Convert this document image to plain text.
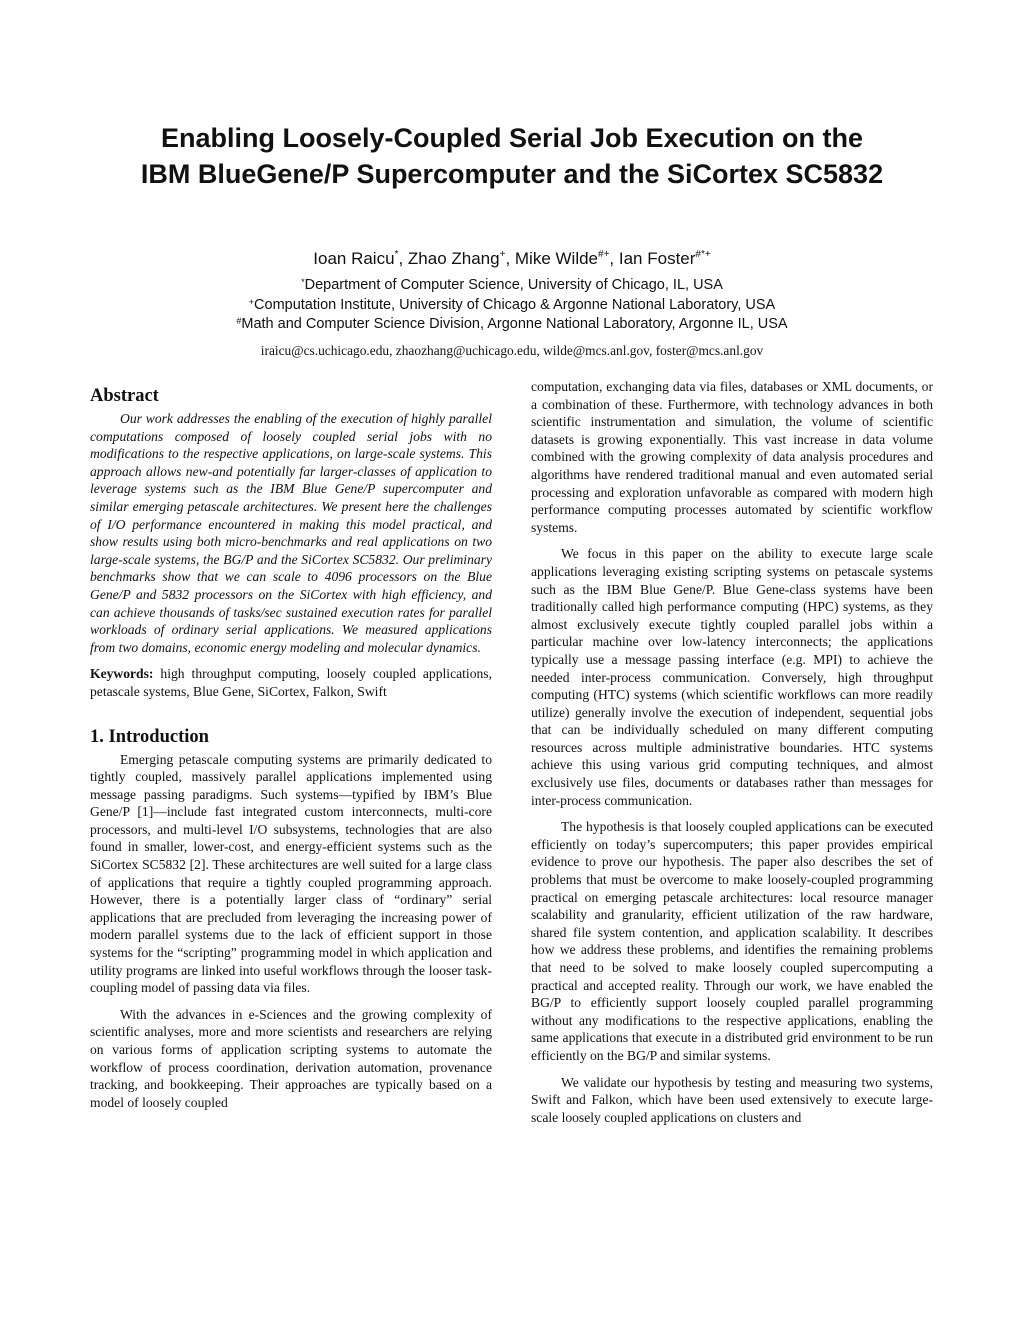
Enabling Loosely-Coupled Serial Job Execution on the
IBM BlueGene/P Supercomputer and the SiCortex SC5832
Ioan Raicu*, Zhao Zhang+, Mike Wilde#+, Ian Foster#*+
*Department of Computer Science, University of Chicago, IL, USA
+Computation Institute, University of Chicago & Argonne National Laboratory, USA
#Math and Computer Science Division, Argonne National Laboratory, Argonne IL, USA
iraicu@cs.uchicago.edu, zhaozhang@uchicago.edu, wilde@mcs.anl.gov, foster@mcs.anl.gov
Abstract

Our work addresses the enabling of the execution of highly parallel computations composed of loosely coupled serial jobs with no modifications to the respective applications, on large-scale systems. This approach allows new-and potentially far larger-classes of application to leverage systems such as the IBM Blue Gene/P supercomputer and similar emerging petascale architectures. We present here the challenges of I/O performance encountered in making this model practical, and show results using both micro-benchmarks and real applications on two large-scale systems, the BG/P and the SiCortex SC5832. Our preliminary benchmarks show that we can scale to 4096 processors on the Blue Gene/P and 5832 processors on the SiCortex with high efficiency, and can achieve thousands of tasks/sec sustained execution rates for parallel workloads of ordinary serial applications. We measured applications from two domains, economic energy modeling and molecular dynamics.

Keywords: high throughput computing, loosely coupled applications, petascale systems, Blue Gene, SiCortex, Falkon, Swift

1. Introduction

Emerging petascale computing systems are primarily dedicated to tightly coupled, massively parallel applications implemented using message passing paradigms. Such systems—typified by IBM’s Blue Gene/P [1]—include fast integrated custom interconnects, multi-core processors, and multi-level I/O subsystems, technologies that are also found in smaller, lower-cost, and energy-efficient systems such as the SiCortex SC5832 [2]. These architectures are well suited for a large class of applications that require a tightly coupled programming approach. However, there is a potentially larger class of “ordinary” serial applications that are precluded from leveraging the increasing power of modern parallel systems due to the lack of efficient support in those systems for the “scripting” programming model in which application and utility programs are linked into useful workflows through the looser task-coupling model of passing data via files.

With the advances in e-Sciences and the growing complexity of scientific analyses, more and more scientists and researchers are relying on various forms of application scripting systems to automate the workflow of process coordination, derivation automation, provenance tracking, and bookkeeping. Their approaches are typically based on a model of loosely coupled

computation, exchanging data via files, databases or XML documents, or a combination of these. Furthermore, with technology advances in both scientific instrumentation and simulation, the volume of scientific datasets is growing exponentially. This vast increase in data volume combined with the growing complexity of data analysis procedures and algorithms have rendered traditional manual and even automated serial processing and exploration unfavorable as compared with modern high performance computing processes automated by scientific workflow systems.

We focus in this paper on the ability to execute large scale applications leveraging existing scripting systems on petascale systems such as the IBM Blue Gene/P. Blue Gene-class systems have been traditionally called high performance computing (HPC) systems, as they almost exclusively execute tightly coupled parallel jobs within a particular machine over low-latency interconnects; the applications typically use a message passing interface (e.g. MPI) to achieve the needed inter-process communication. Conversely, high throughput computing (HTC) systems (which scientific workflows can more readily utilize) generally involve the execution of independent, sequential jobs that can be individually scheduled on many different computing resources across multiple administrative boundaries. HTC systems achieve this using various grid computing techniques, and almost exclusively use files, documents or databases rather than messages for inter-process communication.

The hypothesis is that loosely coupled applications can be executed efficiently on today’s supercomputers; this paper provides empirical evidence to prove our hypothesis. The paper also describes the set of problems that must be overcome to make loosely-coupled programming practical on emerging petascale architectures: local resource manager scalability and granularity, efficient utilization of the raw hardware, shared file system contention, and application scalability. It describes how we address these problems, and identifies the remaining problems that need to be solved to make loosely coupled supercomputing a practical and accepted reality. Through our work, we have enabled the BG/P to efficiently support loosely coupled parallel programming without any modifications to the respective applications, enabling the same applications that execute in a distributed grid environment to be run efficiently on the BG/P and similar systems.

We validate our hypothesis by testing and measuring two systems, Swift and Falkon, which have been used extensively to execute large-scale loosely coupled applications on clusters and
